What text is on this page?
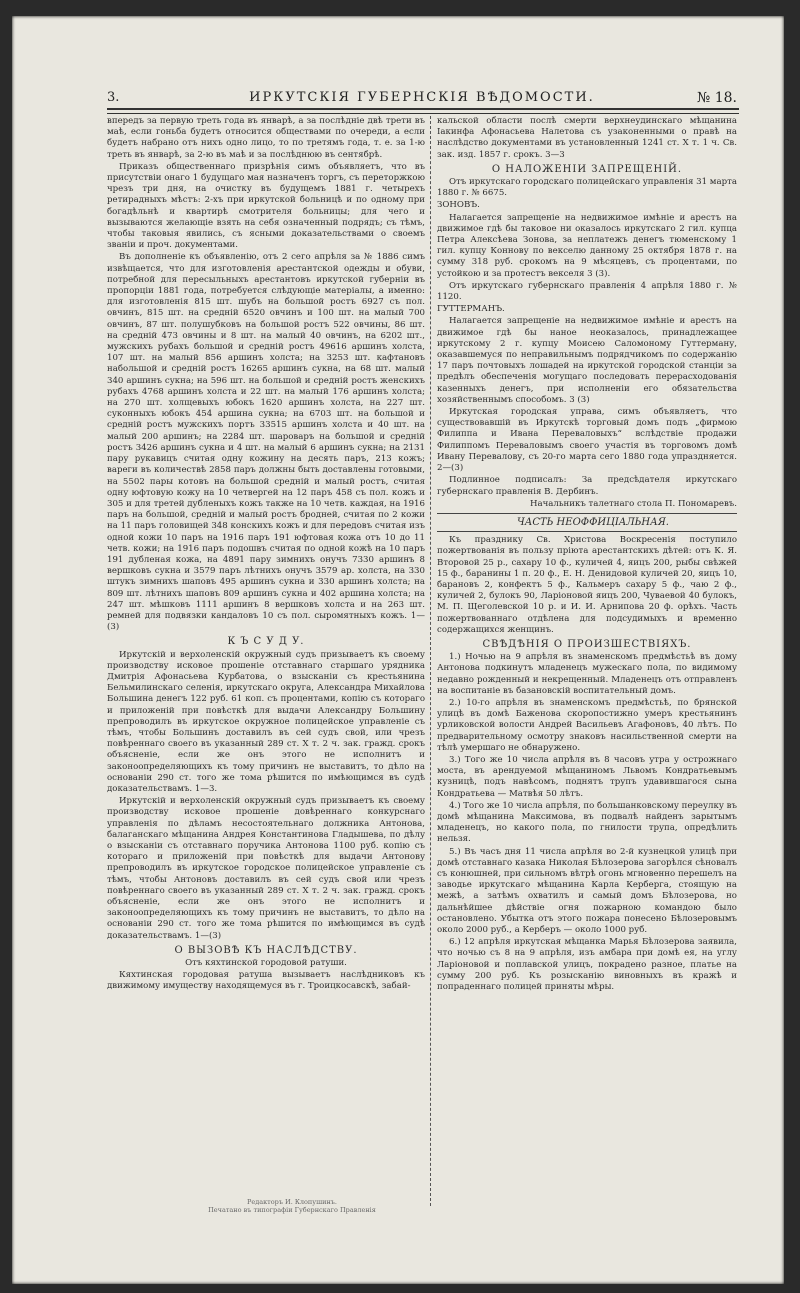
3.	ИРКУТСКІЯ ГУБЕРНСКІЯ ВѢДОМОСТИ.	№ 18.

впередъ за первую треть года въ январѣ, а за послѣдніе двѣ трети въ маѣ, если гоньба будетъ относится обществами по очереди, а если будетъ набрано отъ нихъ одно лицо, то по третямъ года, т. е. за 1-ю треть въ январѣ, за 2-ю въ маѣ и за послѣднюю въ сентябрѣ.

Приказъ общественнаго призрѣнія симъ объявляетъ, что въ присутствіи онаго 1 будущаго мая назначенъ торгъ, съ переторжкою чрезъ три дня, на очистку въ будущемъ 1881 г. четырехъ ретирадныхъ мѣстъ: 2-хъ при иркутской больницѣ и по одному при богадѣльнѣ и квартирѣ смотрителя больницы; для чего и вызываются желающіе взять на себя означенный подрядъ; съ тѣмъ, чтобы таковыя явились, съ ясными доказательствами о своемъ званіи и проч. документами.

Въ дополненіе къ объявленію, отъ 2 сего апрѣля за № 1886 симъ извѣщается, что для изготовленія арестантской одежды и обуви, потребной для пересыльныхъ арестантовъ иркутской губерніи въ пропорціи 1881 года, потребуется слѣдующіе матеріалы, а именно: для изготовленія 815 шт. шубъ на большой ростъ 6927 съ пол. овчинъ, 815 шт. на средній 6520 овчинъ и 100 шт. на малый 700 овчинъ, 87 шт. полушубковъ на большой ростъ 522 овчины, 86 шт. на средній 473 овчины и 8 шт. на малый 40 овчинъ, на 6202 шт., мужскихъ рубахъ большой и средній ростъ 49616 аршинъ холста, 107 шт. на малый 856 аршинъ холста; на 3253 шт. кафтановъ набольшой и средній ростъ 16265 аршинъ сукна, на 68 шт. малый 340 аршинъ сукна; на 596 шт. на большой и средній ростъ женскихъ рубахъ 4768 аршинъ холста и 22 шт. на малый 176 аршинъ холста; на 270 шт. холщевыхъ юбокъ 1620 аршинъ холста, на 227 шт. суконныхъ юбокъ 454 аршина сукна; на 6703 шт. на большой и средній ростъ мужскихъ портъ 33515 аршинъ холста и 40 шт. на малый 200 аршинъ; на 2284 шт. шароваръ на большой и средній ростъ 3426 аршинъ сукна и 4 шт. на малый 6 аршинъ сукна; на 2131 пару рукавицъ считая одну кожину на десять паръ, 213 кожъ; вареги въ количествѣ 2858 паръ должны быть доставлены готовыми, на 5502 пары котовъ на большой средній и малый ростъ, считая одну юфтовую кожу на 10 четвергей на 12 паръ 458 съ пол. кожъ и 305 и для третей дубленыхъ кожъ также на 10 четв. каждая, на 1916 паръ на большой, средній и малый ростъ бродней, считая по 2 кожи на 11 паръ головищей 348 конскихъ кожъ и для передовъ считая изъ одной кожи 10 паръ на 1916 паръ 191 юфтовая кожа отъ 10 до 11 четв. кожи; на 1916 паръ подошвъ считая по одной кожѣ на 10 паръ 191 дубленая кожа, на 4891 пару зимнихъ онучъ 7330 аршинъ 8 вершковъ сукна и 3579 паръ лѣтнихъ онучъ 3579 ар. холста, на 330 штукъ зимнихъ шаповъ 495 аршинъ сукна и 330 аршинъ холста; на 809 шт. лѣтнихъ шаповъ 809 аршинъ сукна и 402 аршина холста; на 247 шт. мѣшковъ 1111 аршинъ 8 вершковъ холста и на 263 шт. ремней для подвязки кандаловъ 10 съ пол. сыромятныхъ кожъ. 1—(3)

К Ъ С У Д У.

Иркутскій и верхоленскій окружный судъ призываетъ къ своему производству исковое прошеніе отставнаго старшаго урядника Дмитрія Афонасьева Курбатова, о взысканіи съ крестьянина Бельмилинскаго селенія, иркутскаго округа, Александра Михайлова Большина денегъ 122 руб. 61 коп. съ процентами, копію съ котораго и приложеній при повѣсткѣ для выдачи Александру Большину препроводилъ въ иркутское окружное полицейское управленіе съ тѣмъ, чтобы Большинъ доставилъ въ сей судъ свой, или чрезъ повѣреннаго своего въ указанный 289 ст. Х т. 2 ч. зак. гражд. срокъ объясненіе, если же онъ этого не исполнитъ и законоопределяющихъ къ тому причинъ не выставитъ, то дѣло на основаніи 290 ст. того же тома рѣшится по имѣющимся въ судѣ доказательствамъ. 1—3.

Иркутскій и верхоленскій окружный судъ призываетъ къ своему производству исковое прошеніе довѣреннаго конкурснаго управленія по дѣламъ несостоятельнаго должника Антонова, балаганскаго мѣщанина Андрея Константинова Гладышева, по дѣлу о взысканіи съ отставнаго поручика Антонова 1100 руб. копію съ котораго и приложеній при повѣсткѣ для выдачи Антонову препроводилъ въ иркутское городское полицейское управленіе съ тѣмъ, чтобы Антоновъ доставилъ въ сей судъ свой или чрезъ повѣреннаго своего въ указанный 289 ст. Х т. 2 ч. зак. гражд. срокъ объясненіе, если же онъ этого не исполнитъ и законоопределяющихъ къ тому причинъ не выставитъ, то дѣло на основаніи 290 ст. того же тома рѣшится по имѣющимся въ судѣ доказательствамъ. 1—(3)

О ВЫЗОВѢ КЪ НАСЛѢДСТВУ.

Отъ кяхтинской городовой ратуши.

Кяхтинская городовая ратуша вызываетъ наслѣдниковъ къ движимому имуществу находящемуся въ г. Троицкосавскѣ, забай-

кальской области послѣ смерти верхнеудинскаго мѣщанина Іакинфа Афонасьева Налетова съ узаконенными о правѣ на наслѣдство документами въ установленный 1241 ст. Х т. 1 ч. Св. зак. изд. 1857 г. срокъ. 3—3

О НАЛОЖЕНІИ ЗАПРЕЩЕНІЙ.

Отъ иркутскаго городскаго полицейскаго управленія 31 марта 1880 г. № 6675.

ЗОНОВЪ.

Налагается запрещеніе на недвижимое имѣніе и арестъ на движимое гдѣ бы таковое ни оказалось иркутскаго 2 гил. купца Петра Алексѣева Зонова, за неплатежъ денегъ тюменскому 1 гил. купцу Коннову по векселю данному 25 октября 1878 г. на сумму 318 руб. срокомъ на 9 мѣсяцевъ, съ процентами, по устойкою и за протестъ векселя 3 (3).

Отъ иркутскаго губернскаго правленія 4 апрѣля 1880 г. № 1120.

ГУТТЕРМАНЪ.

Налагается запрещеніе на недвижимое имѣніе и арестъ на движимое гдѣ бы наное неоказалось, принадлежащее иркутскому 2 г. купцу Моисею Саломоному Гуттерману, оказавшемуся по неправильнымъ подрядчикомъ по содержанію 17 паръ почтовыхъ лошадей на иркутской городской станціи за предѣлъ обеспеченія могущаго последовать перерасходованія казенныхъ денегъ, при исполненіи его обязательства хозяйственнымъ способомъ. 3 (3)

Иркутская городская управа, симъ объявляетъ, что существовавшій въ Иркутскѣ торговый домъ подъ „фирмою Филиппа и Ивана Переваловыхъ“ вслѣдствіе продажи Филиппомъ Переваловымъ своего участія въ торговомъ домѣ Ивану Перевалову, съ 20-го марта сего 1880 года упраздняется. 2—(3)

Подлинное подписалъ: За предсѣдателя иркутскаго губернскаго правленія В. Дербинъ.

Начальникъ талетнаго стола П. Пономаревъ.

ЧАСТЬ НЕОФФИЦІАЛЬНАЯ.

Къ празднику Св. Христова Воскресенія поступило пожертвованія въ пользу пріюта арестантскихъ дѣтей: отъ К. Я. Второвой 25 р., сахару 10 ф., куличей 4, яицъ 200, рыбы свѣжей 15 ф., баранины 1 п. 20 ф., Е. Н. Денидовой куличей 20, яицъ 10, барановъ 2, конфектъ 5 ф., Кальмеръ сахару 5 ф., чаю 2 ф., куличей 2, булокъ 90, Ларіоновой яицъ 200, Чуваевой 40 булокъ, М. П. Щеголевской 10 р. и И. И. Арнипова 20 ф. орѣхъ. Часть пожертвованнаго отдѣлена для подсудимыхъ и временно содержащихся женщинъ.

СВѢДѢНІЯ О ПРОИЗШЕСТВІЯХЪ.

1.) Ночью на 9 апрѣля въ знаменскомъ предмѣстьѣ въ дому Антонова подкинутъ младенецъ мужескаго пола, по видимому недавно рожденный и некрещенный. Младенецъ отъ отправленъ на воспитаніе въ базановскій воспитательный домъ.

2.) 10-го апрѣля въ знаменскомъ предмѣстьѣ, по брянской улицѣ въ домѣ Баженова скоропостижно умеръ крестьянинъ урликовской волости Андрей Васильевъ Агафоновъ, 40 лѣтъ. По предварительному осмотру знаковъ насильственной смерти на тѣлѣ умершаго не обнаружено.

3.) Того же 10 числа апрѣля въ 8 часовъ утра у острожнаго моста, въ арендуемой мѣщаниномъ Львомъ Кондратьевымъ кузницѣ, подъ навѣсомъ, поднятъ трупъ удавившагося сына Кондратьева — Матвѣя 50 лѣтъ.

4.) Того же 10 числа апрѣля, по большанковскому переулку въ домѣ мѣщанина Максимова, въ подвалѣ найденъ зарытымъ младенецъ, но какого пола, по гнилости трупа, опредѣлить нельзя.

5.) Въ часъ дня 11 числа апрѣля во 2-й кузнецкой улицѣ при домѣ отставнаго казака Николая Бѣлозерова загорѣлся сѣновалъ съ конюшней, при сильномъ вѣтрѣ огонь мгновенно перешелъ на заводье иркутскаго мѣщанина Карла Керберга, стоящую на межѣ, а затѣмъ охватилъ и самый домъ Бѣлозерова, но дальнѣйшее дѣйствіе огня пожарною командою было остановлено. Убытка отъ этого пожара понесено Бѣлозеровымъ около 2000 руб., а Керберъ — около 1000 руб.

6.) 12 апрѣля иркутская мѣщанка Марья Бѣлозерова заявила, что ночью съ 8 на 9 апрѣля, изъ амбара при домѣ ея, на углу Ларіоновой и поплавской улицъ, покрадено разное, платье на сумму 200 руб. Къ розысканію виновныхъ въ кражѣ и попраденнаго полицей приняты мѣры.

Редакторъ И. Клопушинъ.
Печатано въ типографіи Губернскаго Правленія
